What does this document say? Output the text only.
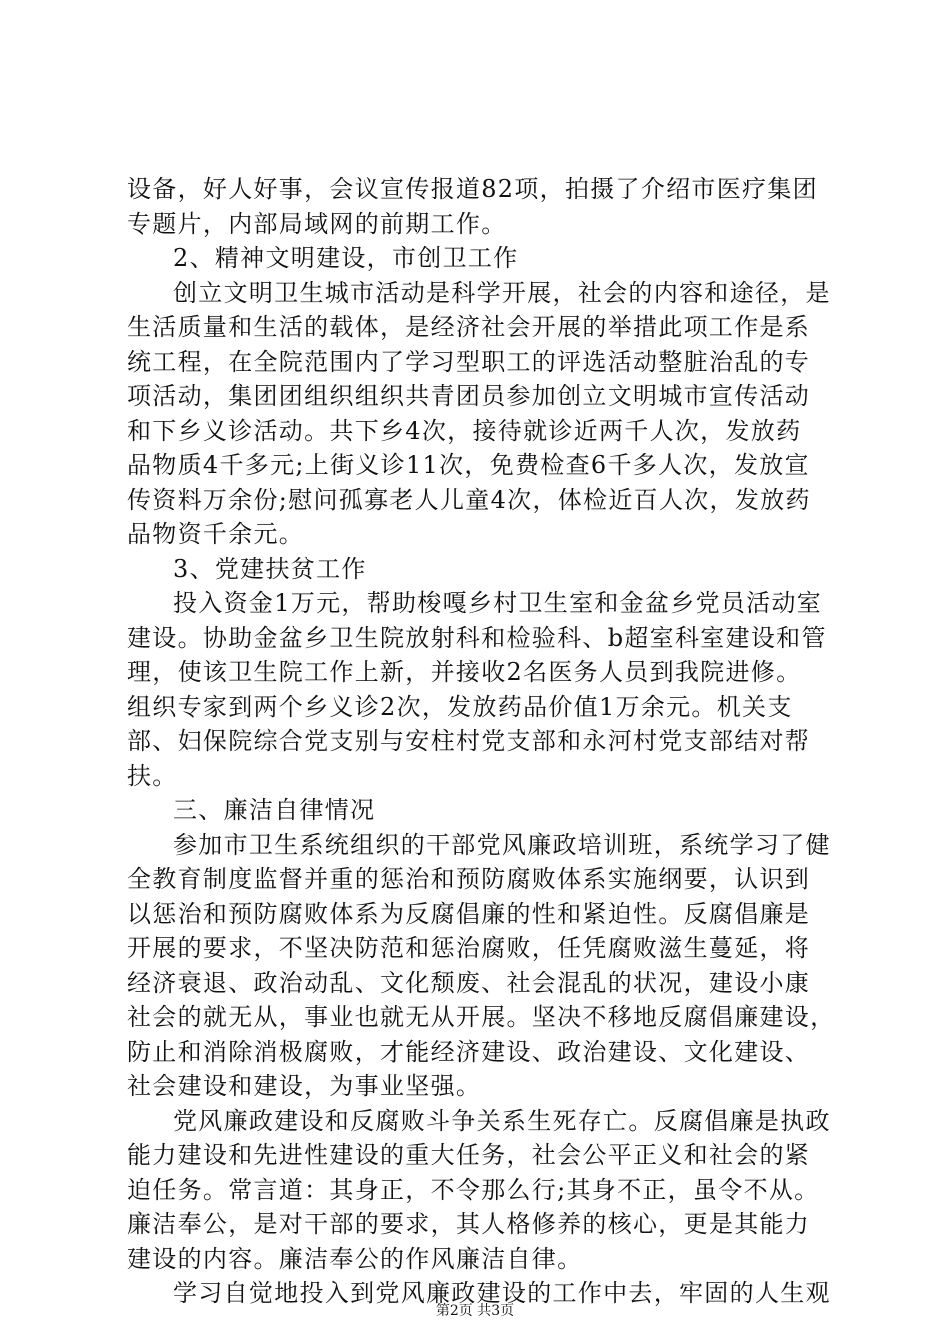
设备，好人好事，会议宣传报道82项，拍摄了介绍市医疗集团
专题片，内部局域网的前期工作。
2、精神文明建设，市创卫工作
创立文明卫生城市活动是科学开展，社会的内容和途径，是
生活质量和生活的载体，是经济社会开展的举措此项工作是系
统工程，在全院范围内了学习型职工的评选活动整脏治乱的专
项活动，集团团组织组织共青团员参加创立文明城市宣传活动
和下乡义诊活动。共下乡4次，接待就诊近两千人次，发放药
品物质4千多元;上街义诊11次，免费检查6千多人次，发放宣
传资料万余份;慰问孤寡老人儿童4次，体检近百人次，发放药
品物资千余元。
3、党建扶贫工作
投入资金1万元，帮助梭嘎乡村卫生室和金盆乡党员活动室
建设。协助金盆乡卫生院放射科和检验科、b超室科室建设和管
理，使该卫生院工作上新，并接收2名医务人员到我院进修。
组织专家到两个乡义诊2次，发放药品价值1万余元。机关支
部、妇保院综合党支别与安柱村党支部和永河村党支部结对帮
扶。
三、廉洁自律情况
参加市卫生系统组织的干部党风廉政培训班，系统学习了健
全教育制度监督并重的惩治和预防腐败体系实施纲要，认识到
以惩治和预防腐败体系为反腐倡廉的性和紧迫性。反腐倡廉是
开展的要求，不坚决防范和惩治腐败，任凭腐败滋生蔓延，将
经济衰退、政治动乱、文化颓废、社会混乱的状况，建设小康
社会的就无从，事业也就无从开展。坚决不移地反腐倡廉建设，
防止和消除消极腐败，才能经济建设、政治建设、文化建设、
社会建设和建设，为事业坚强。
党风廉政建设和反腐败斗争关系生死存亡。反腐倡廉是执政
能力建设和先进性建设的重大任务，社会公平正义和社会的紧
迫任务。常言道：其身正，不令那么行;其身不正，虽令不从。
廉洁奉公，是对干部的要求，其人格修养的核心，更是其能力
建设的内容。廉洁奉公的作风廉洁自律。
学习自觉地投入到党风廉政建设的工作中去，牢固的人生观
第2页 共3页
